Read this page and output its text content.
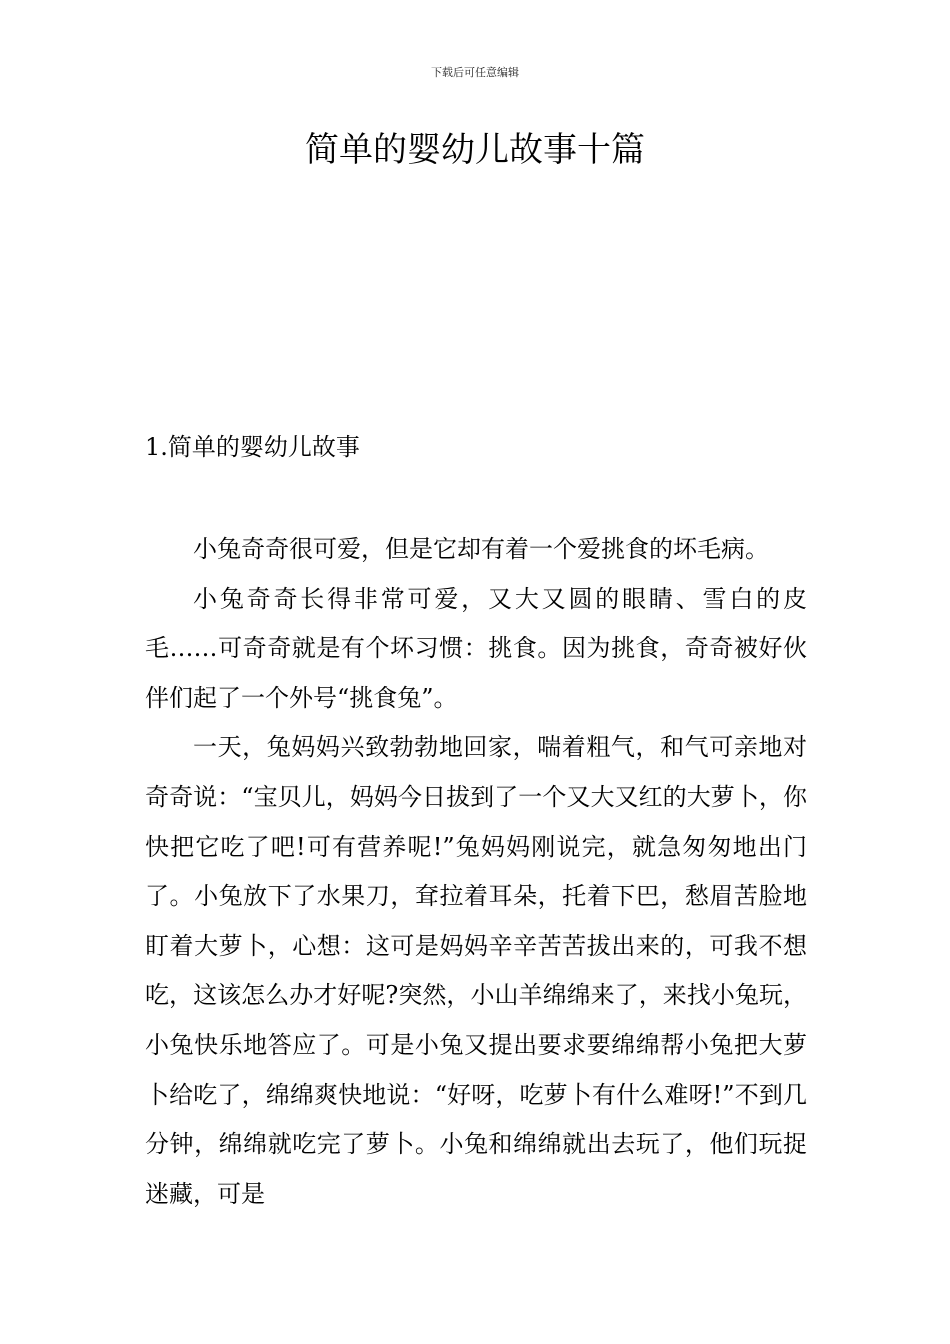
下载后可任意编辑
简单的婴幼儿故事十篇
1.简单的婴幼儿故事

小兔奇奇很可爱，但是它却有着一个爱挑食的坏毛病。

小兔奇奇长得非常可爱，又大又圆的眼睛、雪白的皮毛……可奇奇就是有个坏习惯：挑食。因为挑食，奇奇被好伙伴们起了一个外号“挑食兔”。

一天，兔妈妈兴致勃勃地回家，喘着粗气，和气可亲地对奇奇说：“宝贝儿，妈妈今日拔到了一个又大又红的大萝卜，你快把它吃了吧!可有营养呢!”兔妈妈刚说完，就急匆匆地出门了。小兔放下了水果刀，耷拉着耳朵，托着下巴，愁眉苦脸地盯着大萝卜，心想：这可是妈妈辛辛苦苦拔出来的，可我不想吃，这该怎么办才好呢?突然，小山羊绵绵来了，来找小兔玩，小兔快乐地答应了。可是小兔又提出要求要绵绵帮小兔把大萝卜给吃了，绵绵爽快地说：“好呀，吃萝卜有什么难呀!”不到几分钟，绵绵就吃完了萝卜。小兔和绵绵就出去玩了，他们玩捉迷藏，可是
